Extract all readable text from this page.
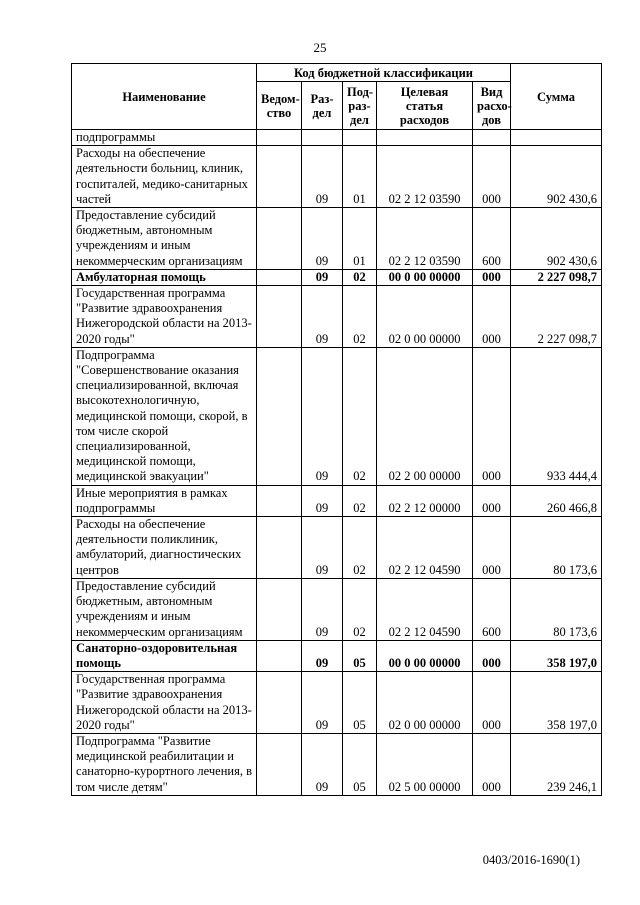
25
Наименование	Код бюджетной классификации					Сумма
	Ведом-ство	Раз-дел	Под-раз-дел	Целевая статья расходов	Вид расхо-дов	
подпрограммы						
Расходы на обеспечение деятельности больниц, клиник, госпиталей, медико-санитарных частей		09	01	02 2 12 03590	000	902 430,6
Предоставление субсидий бюджетным, автономным учреждениям и иным некоммерческим организациям		09	01	02 2 12 03590	600	902 430,6
Амбулаторная помощь		09	02	00 0 00 00000	000	2 227 098,7
Государственная программа "Развитие здравоохранения Нижегородской области на 2013-2020 годы"		09	02	02 0 00 00000	000	2 227 098,7
Подпрограмма "Совершенствование оказания специализированной, включая высокотехнологичную, медицинской помощи, скорой, в том числе скорой специализированной, медицинской помощи, медицинской эвакуации"		09	02	02 2 00 00000	000	933 444,4
Иные мероприятия в рамках подпрограммы		09	02	02 2 12 00000	000	260 466,8
Расходы на обеспечение деятельности поликлиник, амбулаторий, диагностических центров		09	02	02 2 12 04590	000	80 173,6
Предоставление субсидий бюджетным, автономным учреждениям и иным некоммерческим организациям		09	02	02 2 12 04590	600	80 173,6
Санаторно-оздоровительная помощь		09	05	00 0 00 00000	000	358 197,0
Государственная программа "Развитие здравоохранения Нижегородской области на 2013-2020 годы"		09	05	02 0 00 00000	000	358 197,0
Подпрограмма "Развитие медицинской реабилитации и санаторно-курортного лечения, в том числе детям"		09	05	02 5 00 00000	000	239 246,1
0403/2016-1690(1)
